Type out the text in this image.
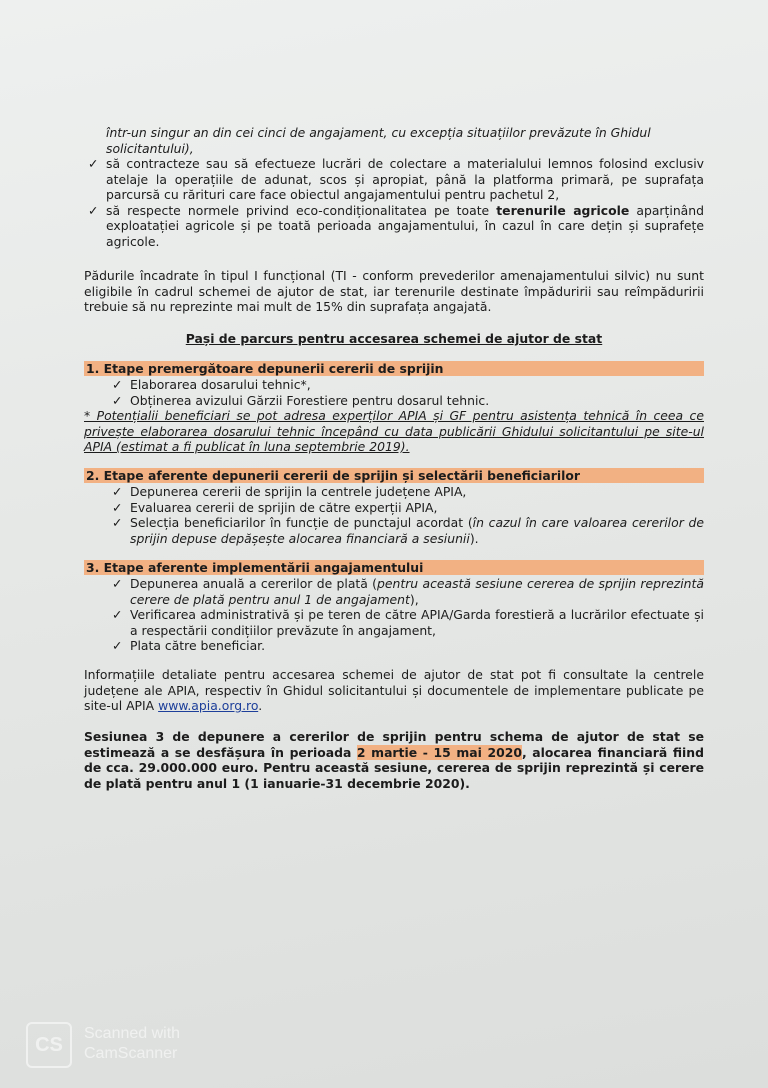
într-un singur an din cei cinci de angajament, cu excepția situațiilor prevăzute în Ghidul
solicitantului),
✓ să contracteze sau să efectueze lucrări de colectare a materialului lemnos folosind exclusiv atelaje la operațiile de adunat, scos și apropiat, până la platforma primară, pe suprafața parcursă cu rărituri care face obiectul angajamentului pentru pachetul 2,
✓ să respecte normele privind eco-condiționalitatea pe toate terenurile agricole aparținând exploatației agricole și pe toată perioada angajamentului, în cazul în care dețin și suprafețe agricole.
Pădurile încadrate în tipul I funcțional (TI - conform prevederilor amenajamentului silvic) nu sunt eligibile în cadrul schemei de ajutor de stat, iar terenurile destinate împăduririi sau reîmpăduririi trebuie să nu reprezinte mai mult de 15% din suprafața angajată.
Pași de parcurs pentru accesarea schemei de ajutor de stat
1. Etape premergătoare depunerii cererii de sprijin
✓ Elaborarea dosarului tehnic*,
✓ Obținerea avizului Gărzii Forestiere pentru dosarul tehnic.
* Potențialii beneficiari se pot adresa experților APIA și GF pentru asistența tehnică în ceea ce privește elaborarea dosarului tehnic începând cu data publicării Ghidului solicitantului pe site-ul APIA (estimat a fi publicat în luna septembrie 2019).
2. Etape aferente depunerii cererii de sprijin și selectării beneficiarilor
✓ Depunerea cererii de sprijin la centrele județene APIA,
✓ Evaluarea cererii de sprijin de către experții APIA,
✓ Selecția beneficiarilor în funcție de punctajul acordat (în cazul în care valoarea cererilor de sprijin depuse depășește alocarea financiară a sesiunii).
3. Etape aferente implementării angajamentului
✓ Depunerea anuală a cererilor de plată (pentru această sesiune cererea de sprijin reprezintă cerere de plată pentru anul 1 de angajament),
✓ Verificarea administrativă și pe teren de către APIA/Garda forestieră a lucrărilor efectuate și a respectării condițiilor prevăzute în angajament,
✓ Plata către beneficiar.
Informațiile detaliate pentru accesarea schemei de ajutor de stat pot fi consultate la centrele județene ale APIA, respectiv în Ghidul solicitantului și documentele de implementare publicate pe site-ul APIA www.apia.org.ro.
Sesiunea 3 de depunere a cererilor de sprijin pentru schema de ajutor de stat se estimează a se desfășura în perioada 2 martie - 15 mai 2020, alocarea financiară fiind de cca. 29.000.000 euro. Pentru această sesiune, cererea de sprijin reprezintă și cerere de plată pentru anul 1 (1 ianuarie-31 decembrie 2020).
CS
Scanned with
CamScanner
